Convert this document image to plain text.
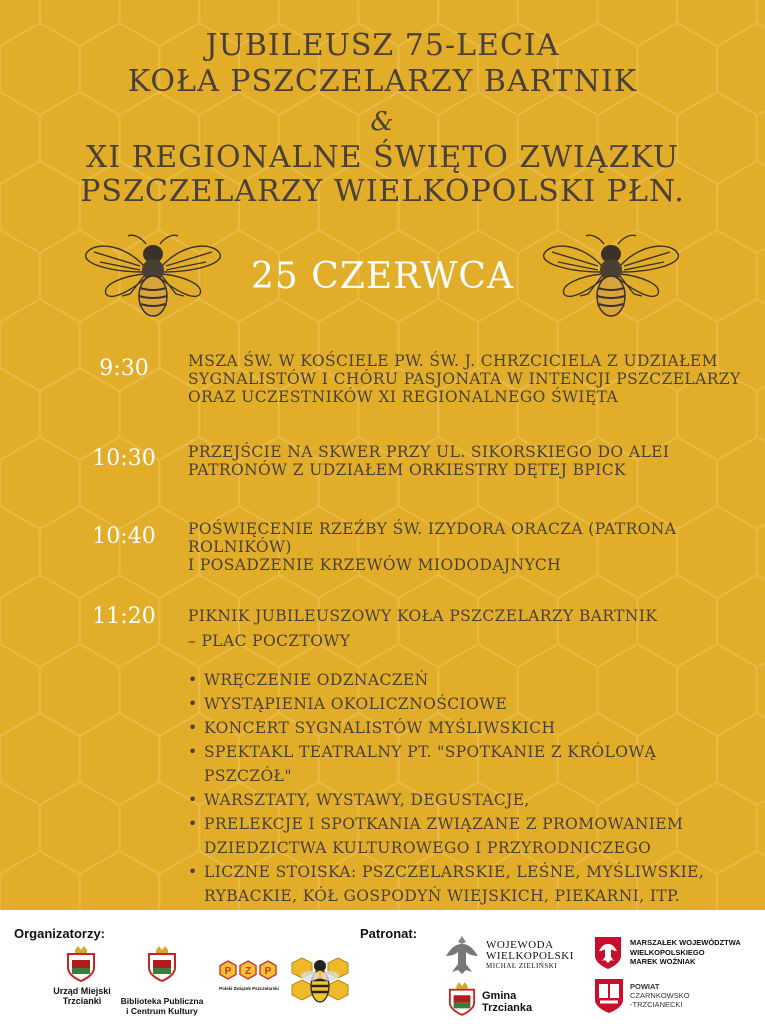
JUBILEUSZ 75-LECIA
KOŁA PSZCZELARZY BARTNIK
&
XI REGIONALNE ŚWIĘTO ZWIĄZKU
PSZCZELARZY WIELKOPOLSKI PŁN.
25 CZERWCA
9:30	MSZA ŚW. W KOŚCIELE PW. ŚW. J. CHRZCICIELA Z UDZIAŁEM
SYGNALISTÓW I CHÓRU PASJONATA W INTENCJI PSZCZELARZY
ORAZ UCZESTNIKÓW XI REGIONALNEGO ŚWIĘTA
10:30	PRZEJŚCIE NA SKWER PRZY UL. SIKORSKIEGO DO ALEI
PATRONÓW Z UDZIAŁEM ORKIESTRY DĘTEJ BPICK
10:40	POŚWIĘCENIE RZEŹBY ŚW. IZYDORA ORACZA (PATRONA ROLNIKÓW)
I POSADZENIE KRZEWÓW MIODODAJNYCH
11:20	PIKNIK JUBILEUSZOWY KOŁA PSZCZELARZY BARTNIK
– PLAC POCZTOWY
• WRĘCZENIE ODZNACZEŃ
• WYSTĄPIENIA OKOLICZNOŚCIOWE
• KONCERT SYGNALISTÓW MYŚLIWSKICH
• SPEKTAKL TEATRALNY PT. "SPOTKANIE Z KRÓLOWĄ PSZCZÓŁ"
• WARSZTATY, WYSTAWY, DEGUSTACJE,
• PRELEKCJE I SPOTKANIA ZWIĄZANE Z PROMOWANIEM DZIEDZICTWA KULTUROWEGO I PRZYRODNICZEGO
• LICZNE STOISKA: PSZCZELARSKIE, LEŚNE, MYŚLIWSKIE, RYBACKIE, KÓŁ GOSPODYŃ WIEJSKICH, PIEKARNI, ITP.
Organizatorzy:	Patronat:
Urząd Miejski
Trzcianki	Biblioteka Publiczna
i Centrum Kultury
P Z P
Polski Związek Pszczelarski
WOJEWODA
WIELKOPOLSKI
MICHAŁ ZIELIŃSKI
MARSZAŁEK WOJEWÓDZTWA
WIELKOPOLSKIEGO
MAREK WOŹNIAK
Gmina
Trzcianka
POWIAT
CZARNKOWSKO
-TRZCIANECKI
